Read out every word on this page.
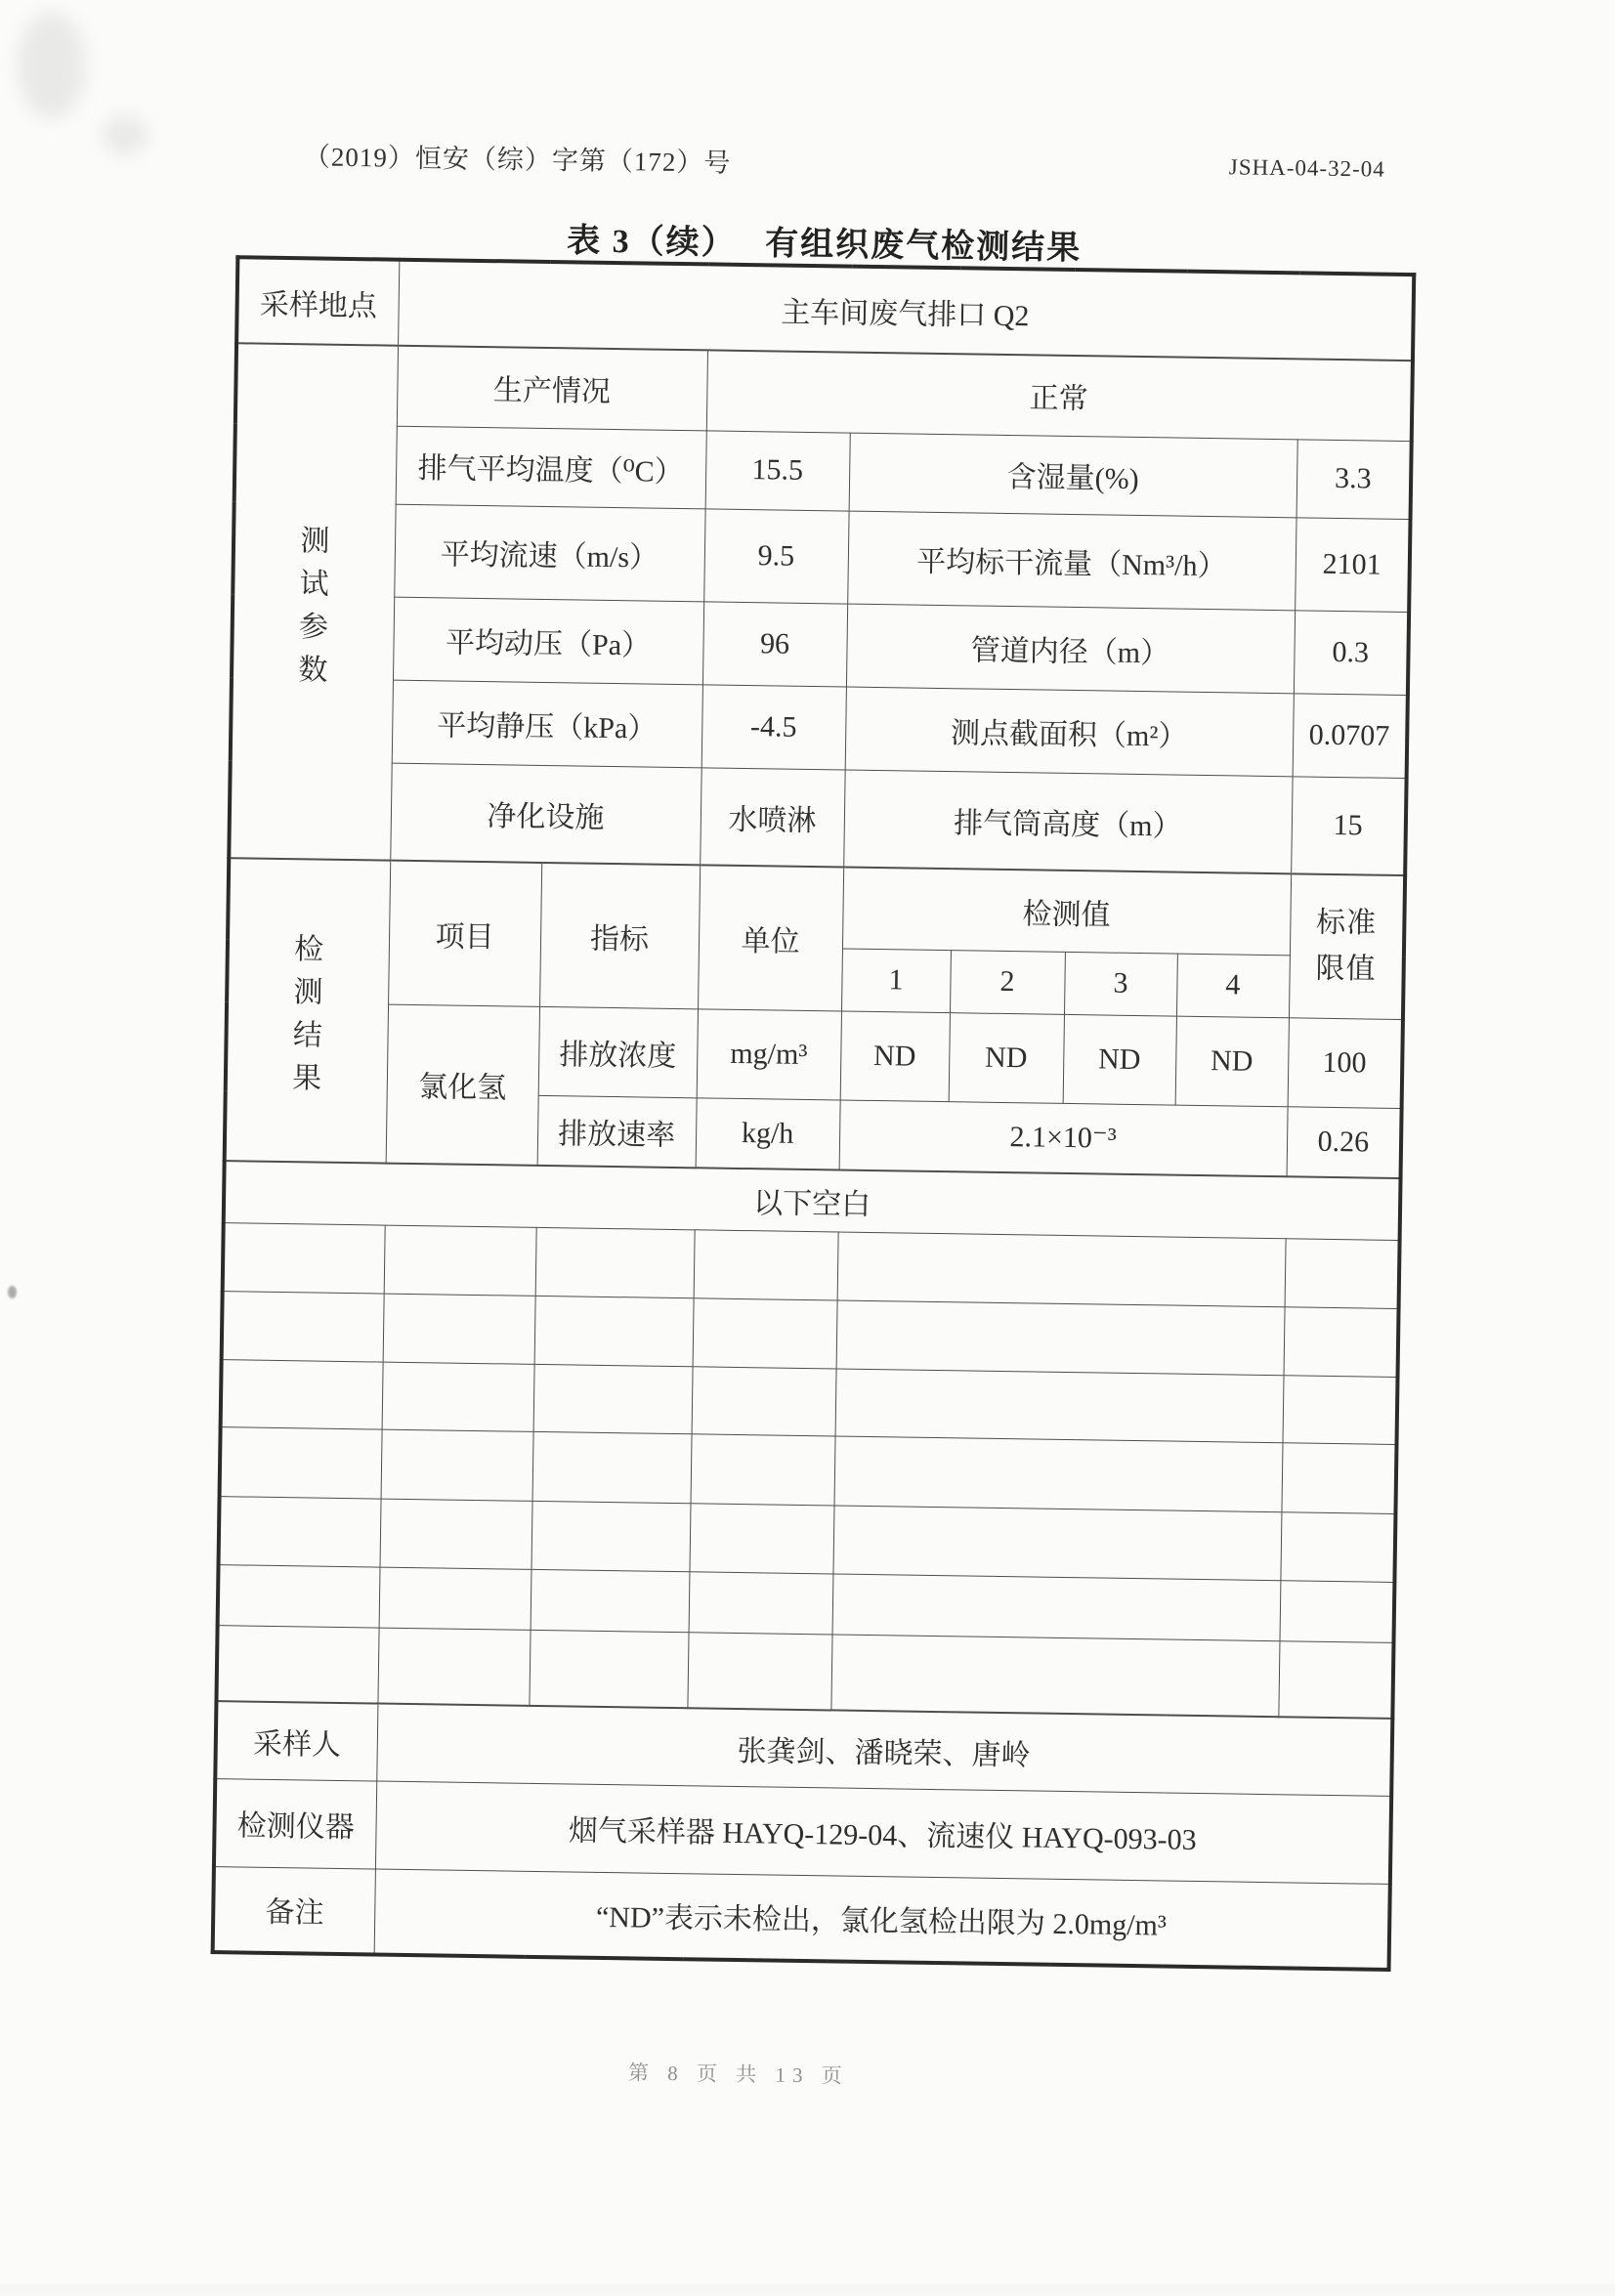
（2019）恒安（综）字第（172）号	JSHA-04-32-04
表 3（续）　 有组织废气检测结果
采样地点	主车间废气排口 Q2							

测
试
参
数	生产情况		正常					
	排气平均温度（⁰C）		15.5	含湿量(%)				3.3
	平均流速（m/s）		9.5	平均标干流量（Nm³/h）				2101
	平均动压（Pa）		96	管道内径（m）				0.3
	平均静压（kPa）		-4.5	测点截面积（m²）				0.0707
	净化设施		水喷淋	排气筒高度（m）				15

检
测
结
果	项目	指标	单位	检测值				标准限值
				1	2	3	4	
	氯化氢	排放浓度	mg/m³	ND	ND	ND	ND	100
		排放速率	kg/h	2.1×10⁻³				0.26
以下空白								

采样人	张龚剑、潘晓荣、唐岭							
检测仪器	烟气采样器 HAYQ-129-04、流速仪 HAYQ-093-03							
备注	“ND”表示未检出，氯化氢检出限为 2.0mg/m³							
第 8 页 共 13 页
